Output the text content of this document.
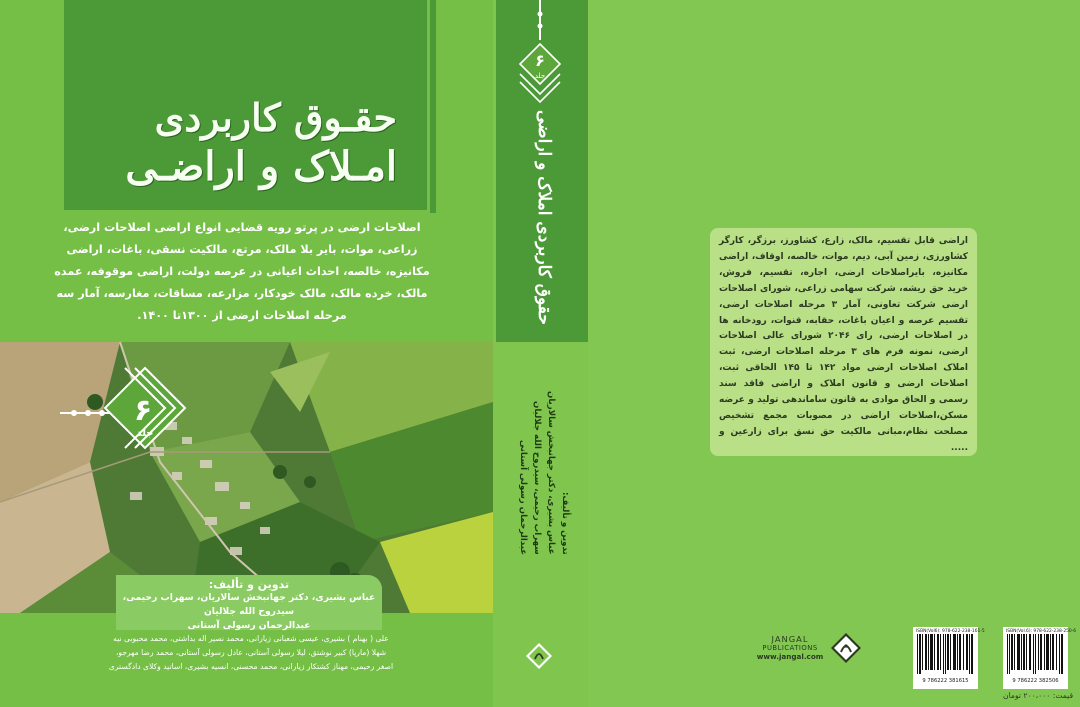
حقـوق کاربردی
امـلاک و اراضـی
اصلاحات ارضی در پرتو رویه قضایی انواع اراضی اصلاحات ارضی، زراعی، موات، بایر بلا مالک، مرتع، مالکیت نسقی، باغات، اراضی مکانیزه، خالصه، احداث اعیانی در عرصه دولت، اراضی موقوفه، عمده مالک، خرده مالک، مالک خودکار، مزارعه، مساقات، مغارسه، آمار سه مرحله اصلاحات ارضی از ۱۳۰۰تا ۱۴۰۰.
۶
جلد
تدوین و تألیف:
عباس بشیری، دکتر جهانبخش سالاریان، سهراب رحیمی، سیدروح الله جلالیان
عبدالرحمان رسولی آستانی
علی ( بهنام ) بشیری، عیسی شعبانی زیارانی، محمد نصیر اله بداشتی، محمد محبوبی نیه
شهلا (مارپا) کبیر نوشتق، لیلا رسولی آستانی، عادل رسولی آستانی، محمد رضا مهرجو،
اصغر رحیمی، مهناز کشتکار زیارانی، محمد محسنی، انسیه بشیری، اساتید وکلای دادگستری
۶
جلد
حقوق کاربردی املاک و اراضی
تدوین و تألیف:
عباس بشیری، دکتر جهانبخش سالاریان
سهراب رحیمی، سیدروح الله جلالیان
عبدالرحمان رسولی آستانی
اراضی قابل تقسیم، مالک، زارع، کشاورز، برزگر، کارگر کشاورزی، زمین آبی، دیم، موات، خالصه، اوقاف، اراضی مکانیزه، بایراصلاحات ارضی، اجاره، تقسیم، فروش، خرید حق ریشه، شرکت سهامی زراعی، شورای اصلاحات ارضی شرکت تعاونی، آمار ۳ مرحله اصلاحات ارضی، تقسیم عرصه و اعیان باغات، حقابه، قنوات، رودخانه ها در اصلاحات ارضی، رای ۲۰۴۶ شورای عالی اصلاحات ارضی، نمونه فرم های ۳ مرحله اصلاحات ارضی، ثبت املاک اصلاحات ارضی مواد ۱۴۲ تا ۱۴۵ الحاقی ثبت، اصلاحات ارضی و قانون املاک و اراضی فاقد سند رسمی و الحاق موادی به قانون ساماندهی تولید و عرضه مسکن،اصلاحات اراضی در مصوبات مجمع تشخیص مصلحت نظام،مبانی مالکیت حق نسق برای زارعین و .....
JANGAL
PUBLICATIONS
www.jangal.com
ISBN(Vol6): 978-622-238-161-5
9 786222 381615
ISBN(Vol.6): 978-622-238-250-6
9 786222 382506
قیمت: ۲۰۰،۰۰۰ تومان
